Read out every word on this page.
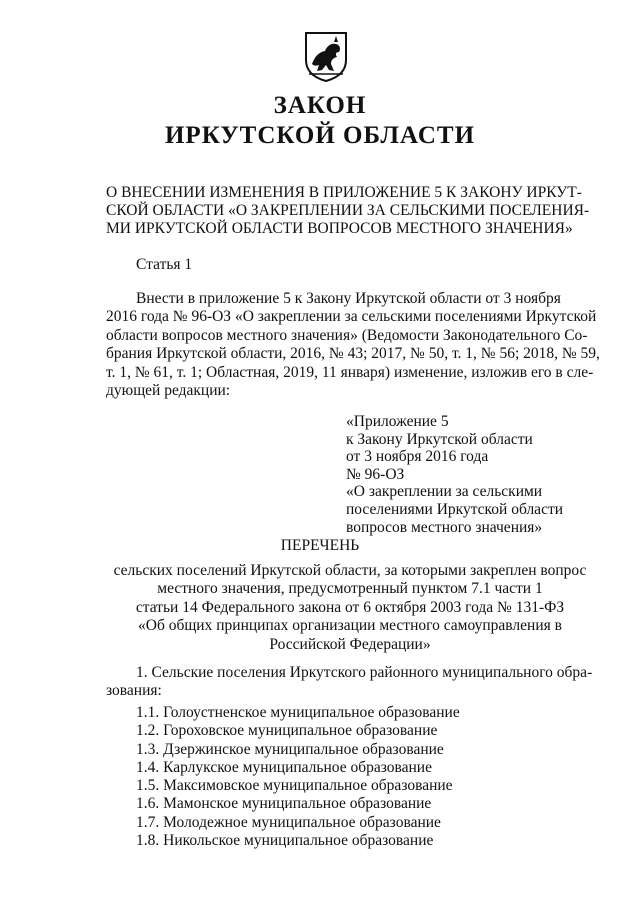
ЗАКОН
ИРКУТСКОЙ ОБЛАСТИ
О ВНЕСЕНИИ ИЗМЕНЕНИЯ В ПРИЛОЖЕНИЕ 5 К ЗАКОНУ ИРКУТ-
СКОЙ ОБЛАСТИ «О ЗАКРЕПЛЕНИИ ЗА СЕЛЬСКИМИ ПОСЕЛЕНИЯ-
МИ ИРКУТСКОЙ ОБЛАСТИ ВОПРОСОВ МЕСТНОГО ЗНАЧЕНИЯ»
Статья 1
Внести в приложение 5 к Закону Иркутской области от 3 ноября
2016 года № 96-ОЗ «О закреплении за сельскими поселениями Иркутской
области вопросов местного значения» (Ведомости Законодательного Со-
брания Иркутской области, 2016, № 43; 2017, № 50, т. 1, № 56; 2018, № 59,
т. 1, № 61, т. 1; Областная, 2019, 11 января) изменение, изложив его в сле-
дующей редакции:
«Приложение 5
к Закону Иркутской области
от 3 ноября 2016 года
№ 96-ОЗ
«О закреплении за сельскими
поселениями Иркутской области
вопросов местного значения»
ПЕРЕЧЕНЬ
сельских поселений Иркутской области, за которыми закреплен вопрос
местного значения, предусмотренный пунктом 7.1 части 1
статьи 14 Федерального закона от 6 октября 2003 года № 131-ФЗ
«Об общих принципах организации местного самоуправления в
Российской Федерации»
1. Сельские поселения Иркутского районного муниципального обра-
зования:
1.1. Голоустненское муниципальное образование
1.2. Гороховское муниципальное образование
1.3. Дзержинское муниципальное образование
1.4. Карлукское муниципальное образование
1.5. Максимовское муниципальное образование
1.6. Мамонское муниципальное образование
1.7. Молодежное муниципальное образование
1.8. Никольское муниципальное образование
